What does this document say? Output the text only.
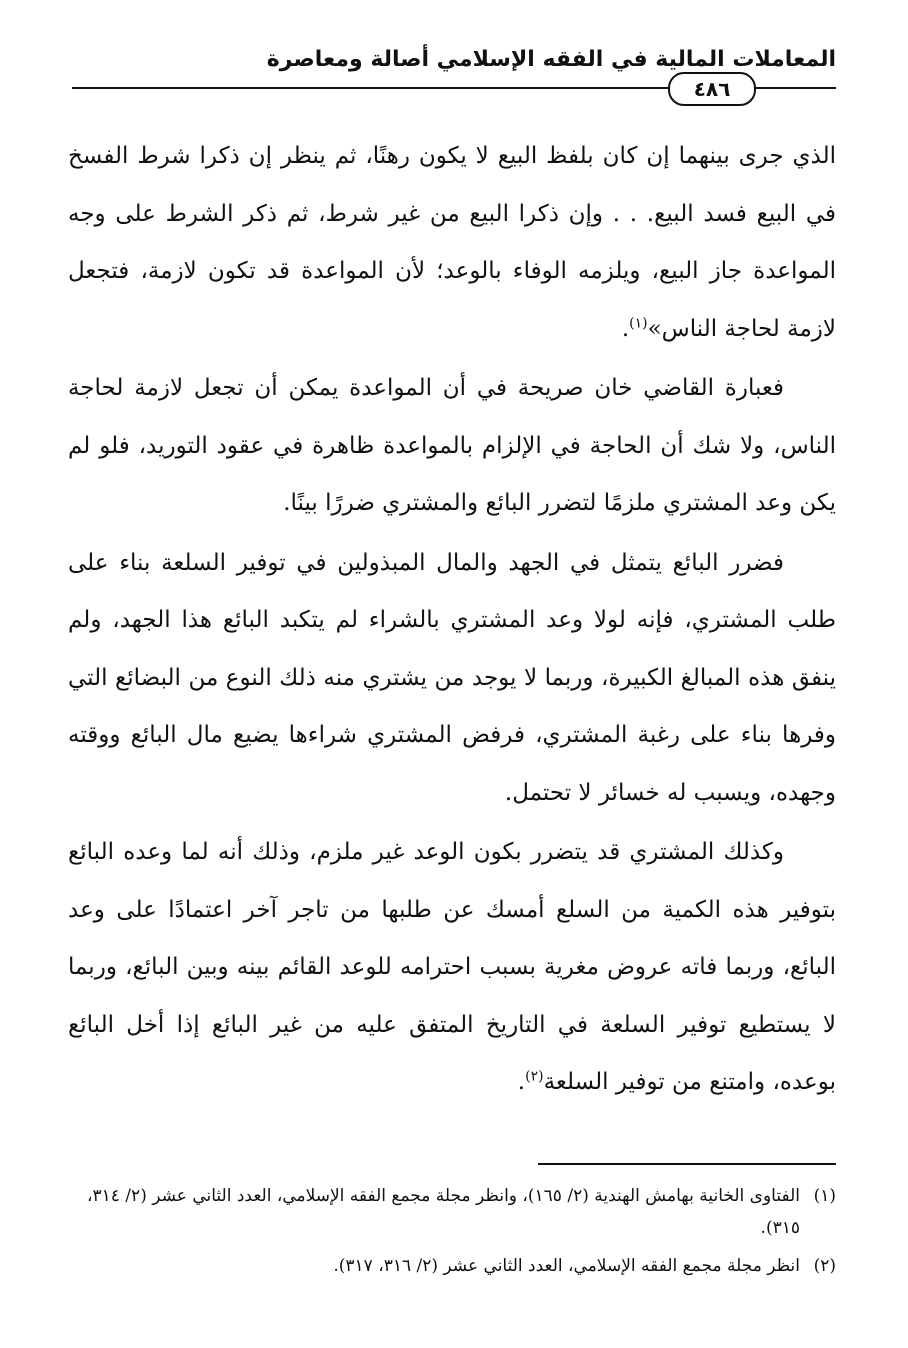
المعاملات المالية في الفقه الإسلامي أصالة ومعاصرة
٤٨٦

الذي جرى بينهما إن كان بلفظ البيع لا يكون رهنًا، ثم ينظر إن ذكرا شرط الفسخ في البيع فسد البيع. . . وإن ذكرا البيع من غير شرط، ثم ذكر الشرط على وجه المواعدة جاز البيع، ويلزمه الوفاء بالوعد؛ لأن المواعدة قد تكون لازمة، فتجعل لازمة لحاجة الناس»$^{(١)}$.

فعبارة القاضي خان صريحة في أن المواعدة يمكن أن تجعل لازمة لحاجة الناس، ولا شك أن الحاجة في الإلزام بالمواعدة ظاهرة في عقود التوريد، فلو لم يكن وعد المشتري ملزمًا لتضرر البائع والمشتري ضررًا بينًا.

فضرر البائع يتمثل في الجهد والمال المبذولين في توفير السلعة بناء على طلب المشتري، فإنه لولا وعد المشتري بالشراء لم يتكبد البائع هذا الجهد، ولم ينفق هذه المبالغ الكبيرة، وربما لا يوجد من يشتري منه ذلك النوع من البضائع التي وفرها بناء على رغبة المشتري، فرفض المشتري شراءها يضيع مال البائع ووقته وجهده، ويسبب له خسائر لا تحتمل.

وكذلك المشتري قد يتضرر بكون الوعد غير ملزم، وذلك أنه لما وعده البائع بتوفير هذه الكمية من السلع أمسك عن طلبها من تاجر آخر اعتمادًا على وعد البائع، وربما فاته عروض مغرية بسبب احترامه للوعد القائم بينه وبين البائع، وربما لا يستطيع توفير السلعة في التاريخ المتفق عليه من غير البائع إذا أخل البائع بوعده، وامتنع من توفير السلعة$^{(٢)}$.

(١)الفتاوى الخانية بهامش الهندية (٢/ ١٦٥)، وانظر مجلة مجمع الفقه الإسلامي، العدد الثاني عشر (٢/ ٣١٤، ٣١٥).

(٢)انظر مجلة مجمع الفقه الإسلامي، العدد الثاني عشر (٢/ ٣١٦، ٣١٧).
